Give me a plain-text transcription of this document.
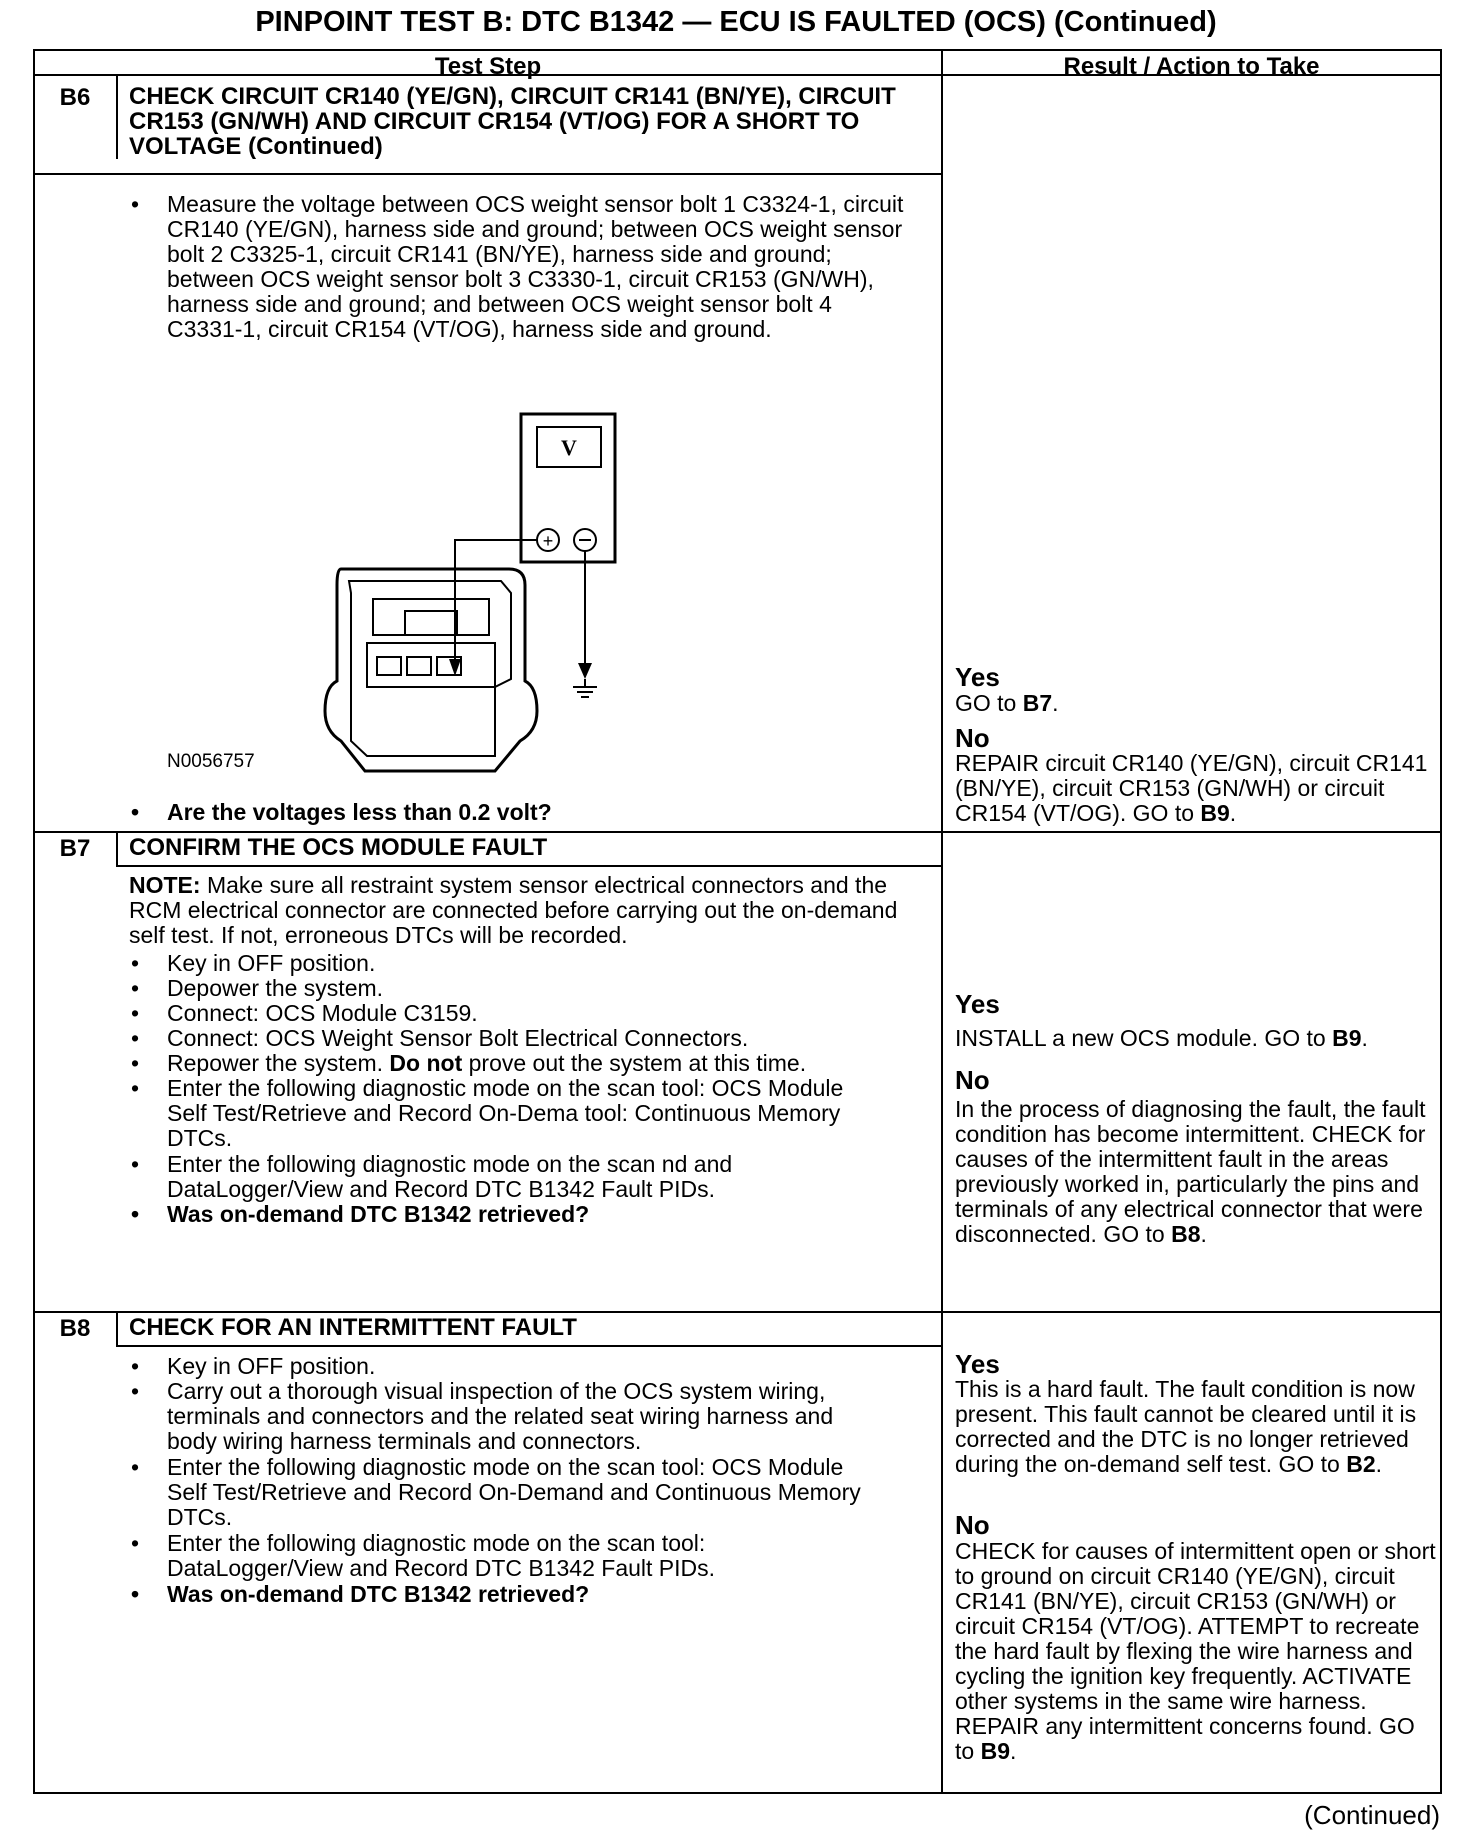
PINPOINT TEST B: DTC B1342 — ECU IS FAULTED (OCS) (Continued)
Test Step	Result / Action to Take
B6	CHECK CIRCUIT CR140 (YE/GN), CIRCUIT CR141 (BN/YE), CIRCUIT CR153 (GN/WH) AND CIRCUIT CR154 (VT/OG) FOR A SHORT TO VOLTAGE (Continued)
• Measure the voltage between OCS weight sensor bolt 1 C3324-1, circuit CR140 (YE/GN), harness side and ground; between OCS weight sensor bolt 2 C3325-1, circuit CR141 (BN/YE), harness side and ground; between OCS weight sensor bolt 3 C3330-1, circuit CR153 (GN/WH), harness side and ground; and between OCS weight sensor bolt 4 C3331-1, circuit CR154 (VT/OG), harness side and ground.
V
+
N0056757
• Are the voltages less than 0.2 volt?
Yes
GO to B7.
No
REPAIR circuit CR140 (YE/GN), circuit CR141 (BN/YE), circuit CR153 (GN/WH) or circuit CR154 (VT/OG). GO to B9.
B7	CONFIRM THE OCS MODULE FAULT
NOTE: Make sure all restraint system sensor electrical connectors and the RCM electrical connector are connected before carrying out the on-demand self test. If not, erroneous DTCs will be recorded.
• Key in OFF position.
• Depower the system.
• Connect: OCS Module C3159.
• Connect: OCS Weight Sensor Bolt Electrical Connectors.
• Repower the system. Do not prove out the system at this time.
• Enter the following diagnostic mode on the scan tool: OCS Module Self Test/Retrieve and Record On-Dema tool: Continuous Memory DTCs.
• Enter the following diagnostic mode on the scan nd and DataLogger/View and Record DTC B1342 Fault PIDs.
• Was on-demand DTC B1342 retrieved?
Yes
INSTALL a new OCS module. GO to B9.
No
In the process of diagnosing the fault, the fault condition has become intermittent. CHECK for causes of the intermittent fault in the areas previously worked in, particularly the pins and terminals of any electrical connector that were disconnected. GO to B8.
B8	CHECK FOR AN INTERMITTENT FAULT
• Key in OFF position.
• Carry out a thorough visual inspection of the OCS system wiring, terminals and connectors and the related seat wiring harness and body wiring harness terminals and connectors.
• Enter the following diagnostic mode on the scan tool: OCS Module Self Test/Retrieve and Record On-Demand and Continuous Memory DTCs.
• Enter the following diagnostic mode on the scan tool: DataLogger/View and Record DTC B1342 Fault PIDs.
• Was on-demand DTC B1342 retrieved?
Yes
This is a hard fault. The fault condition is now present. This fault cannot be cleared until it is corrected and the DTC is no longer retrieved during the on-demand self test. GO to B2.
No
CHECK for causes of intermittent open or short to ground on circuit CR140 (YE/GN), circuit CR141 (BN/YE), circuit CR153 (GN/WH) or circuit CR154 (VT/OG). ATTEMPT to recreate the hard fault by flexing the wire harness and cycling the ignition key frequently. ACTIVATE other systems in the same wire harness. REPAIR any intermittent concerns found. GO to B9.
(Continued)
